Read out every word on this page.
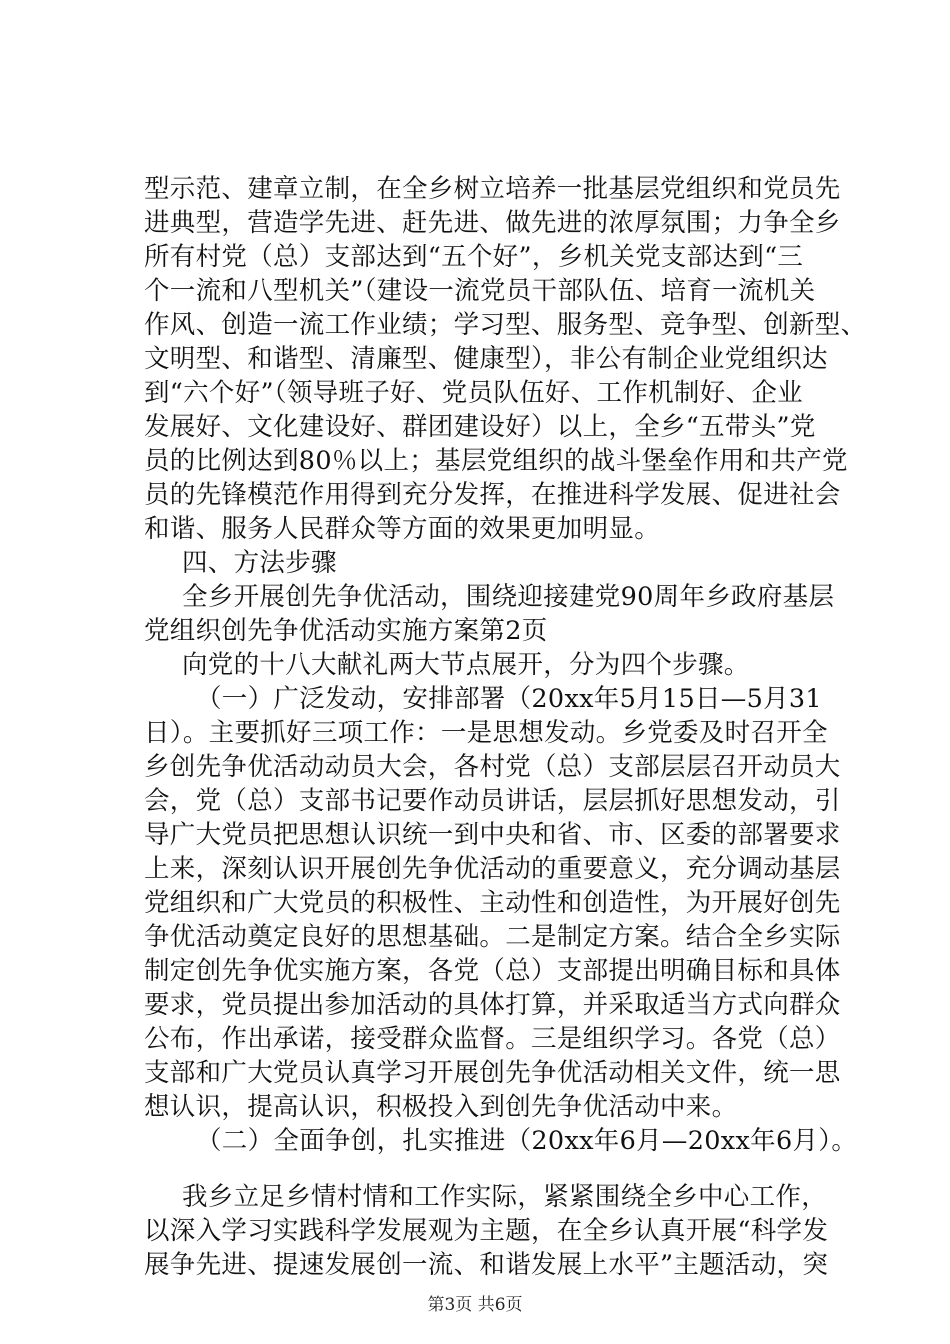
型示范、建章立制，在全乡树立培养一批基层党组织和党员先
进典型，营造学先进、赶先进、做先进的浓厚氛围；力争全乡
所有村党（总）支部达到“五个好”，乡机关党支部达到“三
个一流和八型机关”（建设一流党员干部队伍、培育一流机关
作风、创造一流工作业绩；学习型、服务型、竞争型、创新型、
文明型、和谐型、清廉型、健康型），非公有制企业党组织达
到“六个好”（领导班子好、党员队伍好、工作机制好、企业
发展好、文化建设好、群团建设好）以上，全乡“五带头”党
员的比例达到80％以上；基层党组织的战斗堡垒作用和共产党
员的先锋模范作用得到充分发挥，在推进科学发展、促进社会
和谐、服务人民群众等方面的效果更加明显。
四、方法步骤
全乡开展创先争优活动，围绕迎接建党90周年乡政府基层
党组织创先争优活动实施方案第2页
向党的十八大献礼两大节点展开，分为四个步骤。
（一）广泛发动，安排部署（20xx年5月15日—5月31
日）。主要抓好三项工作：一是思想发动。乡党委及时召开全
乡创先争优活动动员大会，各村党（总）支部层层召开动员大
会，党（总）支部书记要作动员讲话，层层抓好思想发动，引
导广大党员把思想认识统一到中央和省、市、区委的部署要求
上来，深刻认识开展创先争优活动的重要意义，充分调动基层
党组织和广大党员的积极性、主动性和创造性，为开展好创先
争优活动奠定良好的思想基础。二是制定方案。结合全乡实际
制定创先争优实施方案，各党（总）支部提出明确目标和具体
要求，党员提出参加活动的具体打算，并采取适当方式向群众
公布，作出承诺，接受群众监督。三是组织学习。各党（总）
支部和广大党员认真学习开展创先争优活动相关文件，统一思
想认识，提高认识，积极投入到创先争优活动中来。
（二）全面争创，扎实推进（20xx年6月—20xx年6月）。
我乡立足乡情村情和工作实际，紧紧围绕全乡中心工作，
以深入学习实践科学发展观为主题，在全乡认真开展“科学发
展争先进、提速发展创一流、和谐发展上水平”主题活动，突
第3页 共6页
